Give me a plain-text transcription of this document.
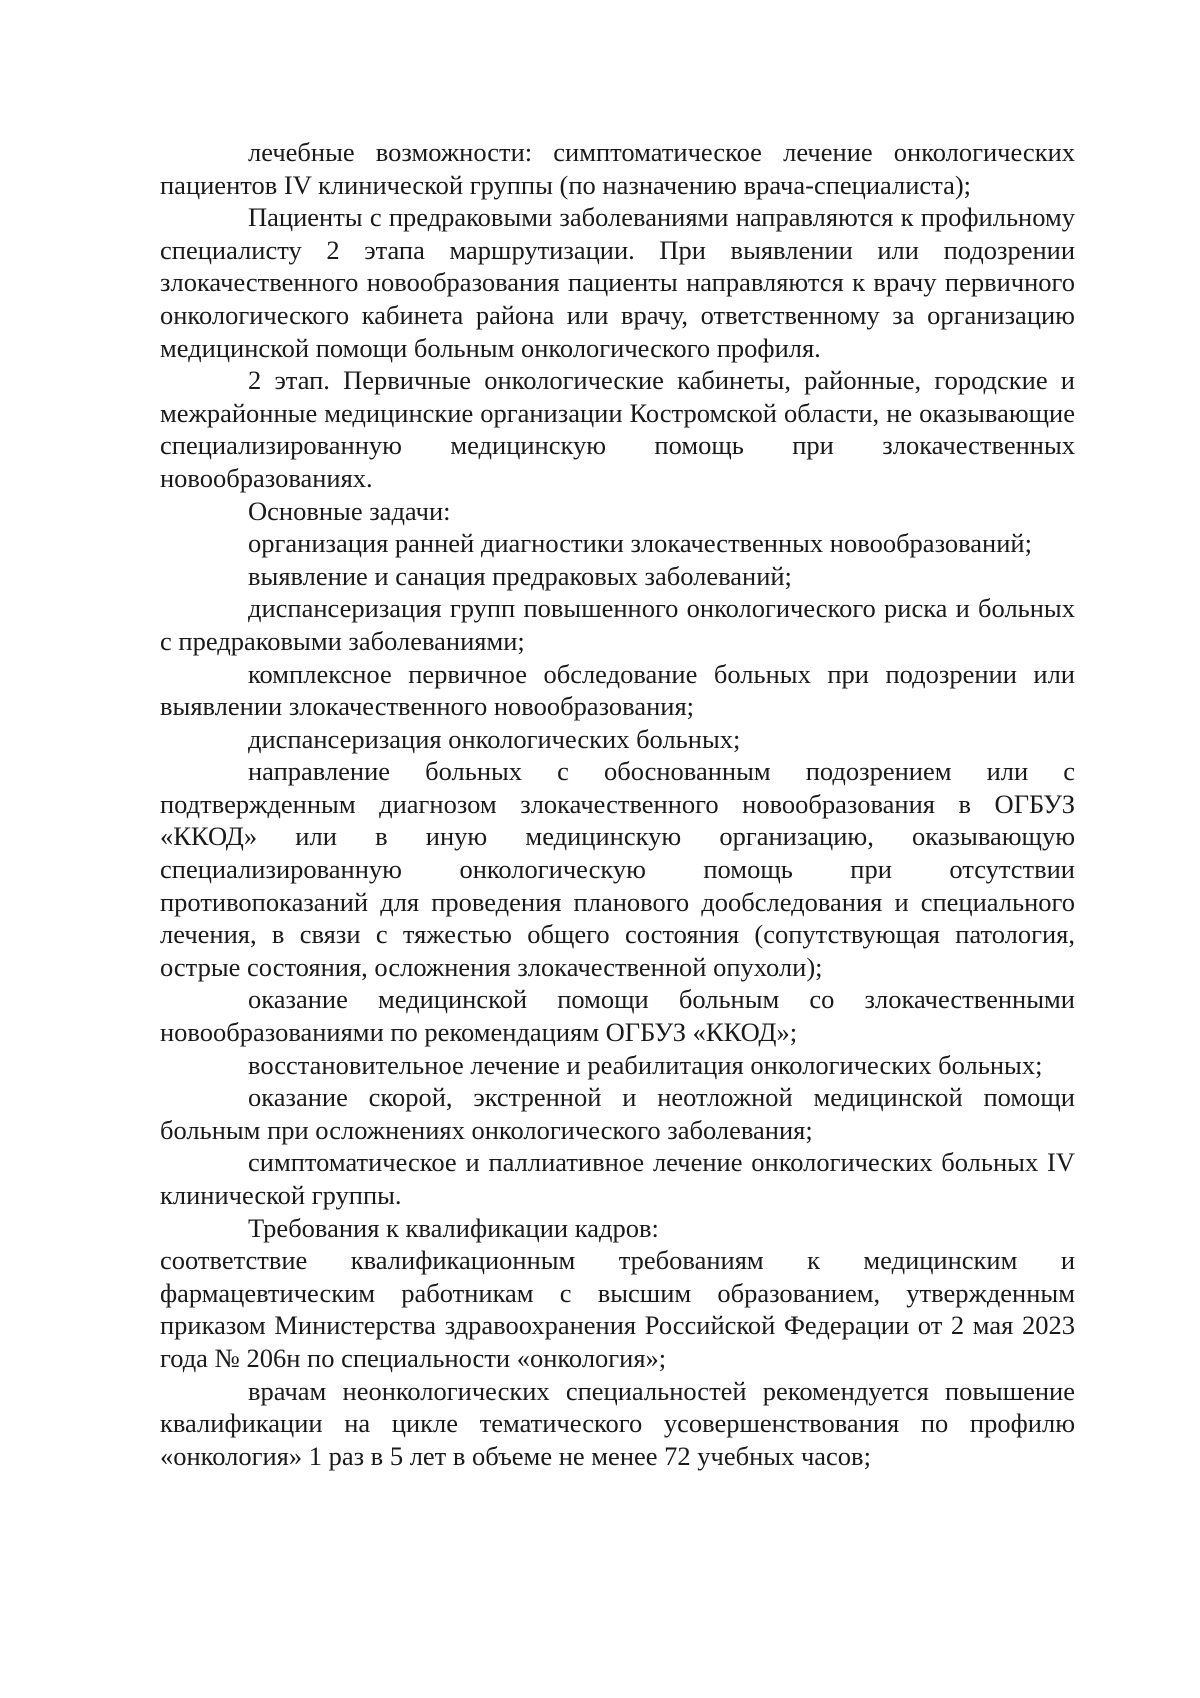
лечебные возможности: симптоматическое лечение онкологических пациентов IV клинической группы (по назначению врача-специалиста);

Пациенты с предраковыми заболеваниями направляются к профильному специалисту 2 этапа маршрутизации. При выявлении или подозрении злокачественного новообразования пациенты направляются к врачу первичного онкологического кабинета района или врачу, ответственному за организацию медицинской помощи больным онкологического профиля.

2 этап. Первичные онкологические кабинеты, районные, городские и межрайонные медицинские организации Костромской области, не оказывающие специализированную медицинскую помощь при злокачественных новообразованиях.

Основные задачи:

организация ранней диагностики злокачественных новообразований;

выявление и санация предраковых заболеваний;

диспансеризация групп повышенного онкологического риска и больных с предраковыми заболеваниями;

комплексное первичное обследование больных при подозрении или выявлении злокачественного новообразования;

диспансеризация онкологических больных;

направление больных с обоснованным подозрением или с подтвержденным диагнозом злокачественного новообразования в ОГБУЗ «ККОД» или в иную медицинскую организацию, оказывающую специализированную онкологическую помощь при отсутствии противопоказаний для проведения планового дообследования и специального лечения, в связи с тяжестью общего состояния (сопутствующая патология, острые состояния, осложнения злокачественной опухоли);

оказание медицинской помощи больным со злокачественными новообразованиями по рекомендациям ОГБУЗ «ККОД»;

восстановительное лечение и реабилитация онкологических больных;

оказание скорой, экстренной и неотложной медицинской помощи больным при осложнениях онкологического заболевания;

симптоматическое и паллиативное лечение онкологических больных IV клинической группы.

Требования к квалификации кадров:

соответствие квалификационным требованиям к медицинским и фармацевтическим работникам с высшим образованием, утвержденным приказом Министерства здравоохранения Российской Федерации от 2 мая 2023 года № 206н по специальности «онкология»;

врачам неонкологических специальностей рекомендуется повышение квалификации на цикле тематического усовершенствования по профилю «онкология» 1 раз в 5 лет в объеме не менее 72 учебных часов;
